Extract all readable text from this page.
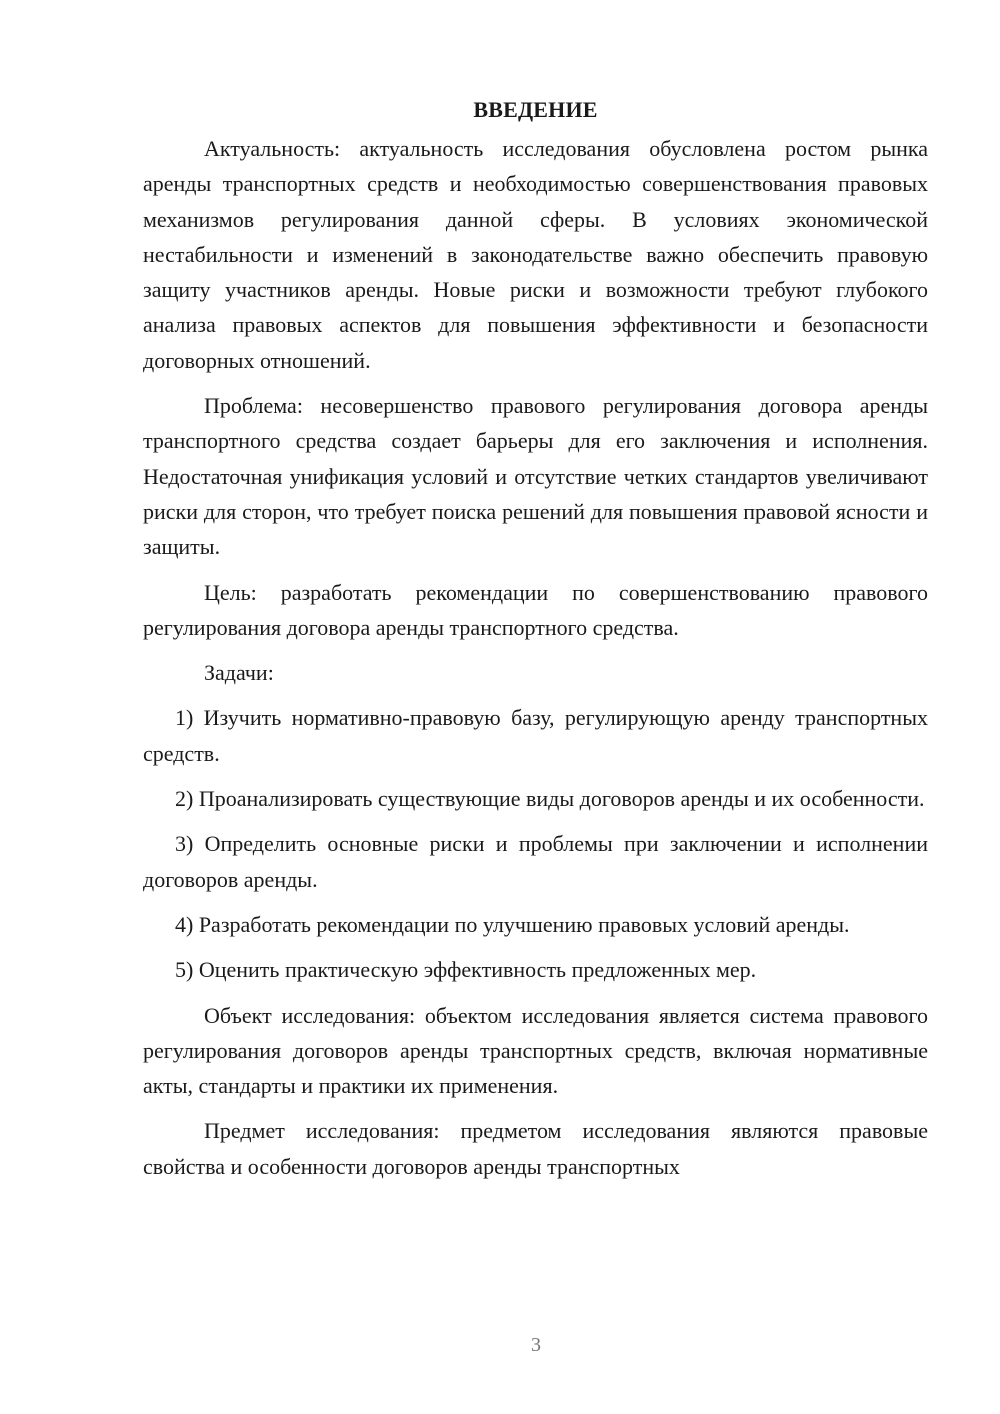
ВВЕДЕНИЕ

Актуальность: актуальность исследования обусловлена ростом рынка аренды транспортных средств и необходимостью совершенствования правовых механизмов регулирования данной сферы. В условиях экономической нестабильности и изменений в законодательстве важно обеспечить правовую защиту участников аренды. Новые риски и возможности требуют глубокого анализа правовых аспектов для повышения эффективности и безопасности договорных отношений.

Проблема: несовершенство правового регулирования договора аренды транспортного средства создает барьеры для его заключения и исполнения. Недостаточная унификация условий и отсутствие четких стандартов увеличивают риски для сторон, что требует поиска решений для повышения правовой ясности и защиты.

Цель: разработать рекомендации по совершенствованию правового регулирования договора аренды транспортного средства.

Задачи:

1) Изучить нормативно-правовую базу, регулирующую аренду транспортных средств.

2) Проанализировать существующие виды договоров аренды и их особенности.

3) Определить основные риски и проблемы при заключении и исполнении договоров аренды.

4) Разработать рекомендации по улучшению правовых условий аренды.

5) Оценить практическую эффективность предложенных мер.

Объект исследования: объектом исследования является система правового регулирования договоров аренды транспортных средств, включая нормативные акты, стандарты и практики их применения.

Предмет исследования: предметом исследования являются правовые свойства и особенности договоров аренды транспортных

3
